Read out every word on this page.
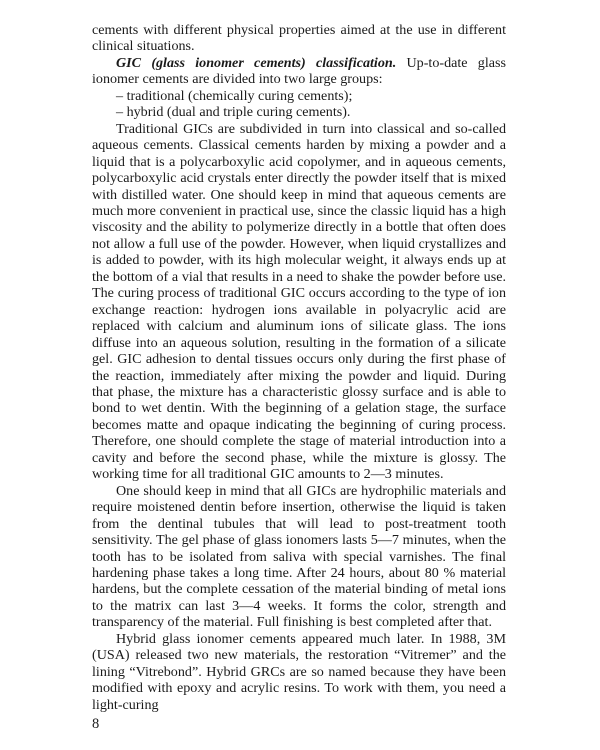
cements with different physical properties aimed at the use in different clinical situations.

GIC (glass ionomer cements) classification. Up-to-date glass ionomer cements are divided into two large groups:

– traditional (chemically curing cements);

– hybrid (dual and triple curing cements).

Traditional GICs are subdivided in turn into classical and so-called aqueous cements. Classical cements harden by mixing a powder and a liquid that is a polycarboxylic acid copolymer, and in aqueous cements, polycarboxylic acid crystals enter directly the powder itself that is mixed with distilled water. One should keep in mind that aqueous cements are much more convenient in practical use, since the classic liquid has a high viscosity and the ability to polymerize directly in a bottle that often does not allow a full use of the powder. However, when liquid crystallizes and is added to powder, with its high molecular weight, it always ends up at the bottom of a vial that results in a need to shake the powder before use. The curing process of traditional GIC occurs according to the type of ion exchange reaction: hydrogen ions available in polyacrylic acid are replaced with calcium and aluminum ions of silicate glass. The ions diffuse into an aqueous solution, resulting in the formation of a silicate gel. GIC adhesion to dental tissues occurs only during the first phase of the reaction, immediately after mixing the powder and liquid. During that phase, the mixture has a characteristic glossy surface and is able to bond to wet dentin. With the beginning of a gelation stage, the surface becomes matte and opaque indicating the beginning of curing process. Therefore, one should complete the stage of material introduction into a cavity and before the second phase, while the mixture is glossy. The working time for all traditional GIC amounts to 2—3 minutes.

One should keep in mind that all GICs are hydrophilic materials and require moistened dentin before insertion, otherwise the liquid is taken from the dentinal tubules that will lead to post-treatment tooth sensitivity. The gel phase of glass ionomers lasts 5—7 minutes, when the tooth has to be isolated from saliva with special varnishes. The final hardening phase takes a long time. After 24 hours, about 80 % material hardens, but the complete cessation of the material binding of metal ions to the matrix can last 3—4 weeks. It forms the color, strength and transparency of the material. Full finishing is best completed after that.

Hybrid glass ionomer cements appeared much later. In 1988, 3M (USA) released two new materials, the restoration “Vitremer” and the lining “Vitrebond”. Hybrid GRCs are so named because they have been modified with epoxy and acrylic resins. To work with them, you need a light-curing

8
